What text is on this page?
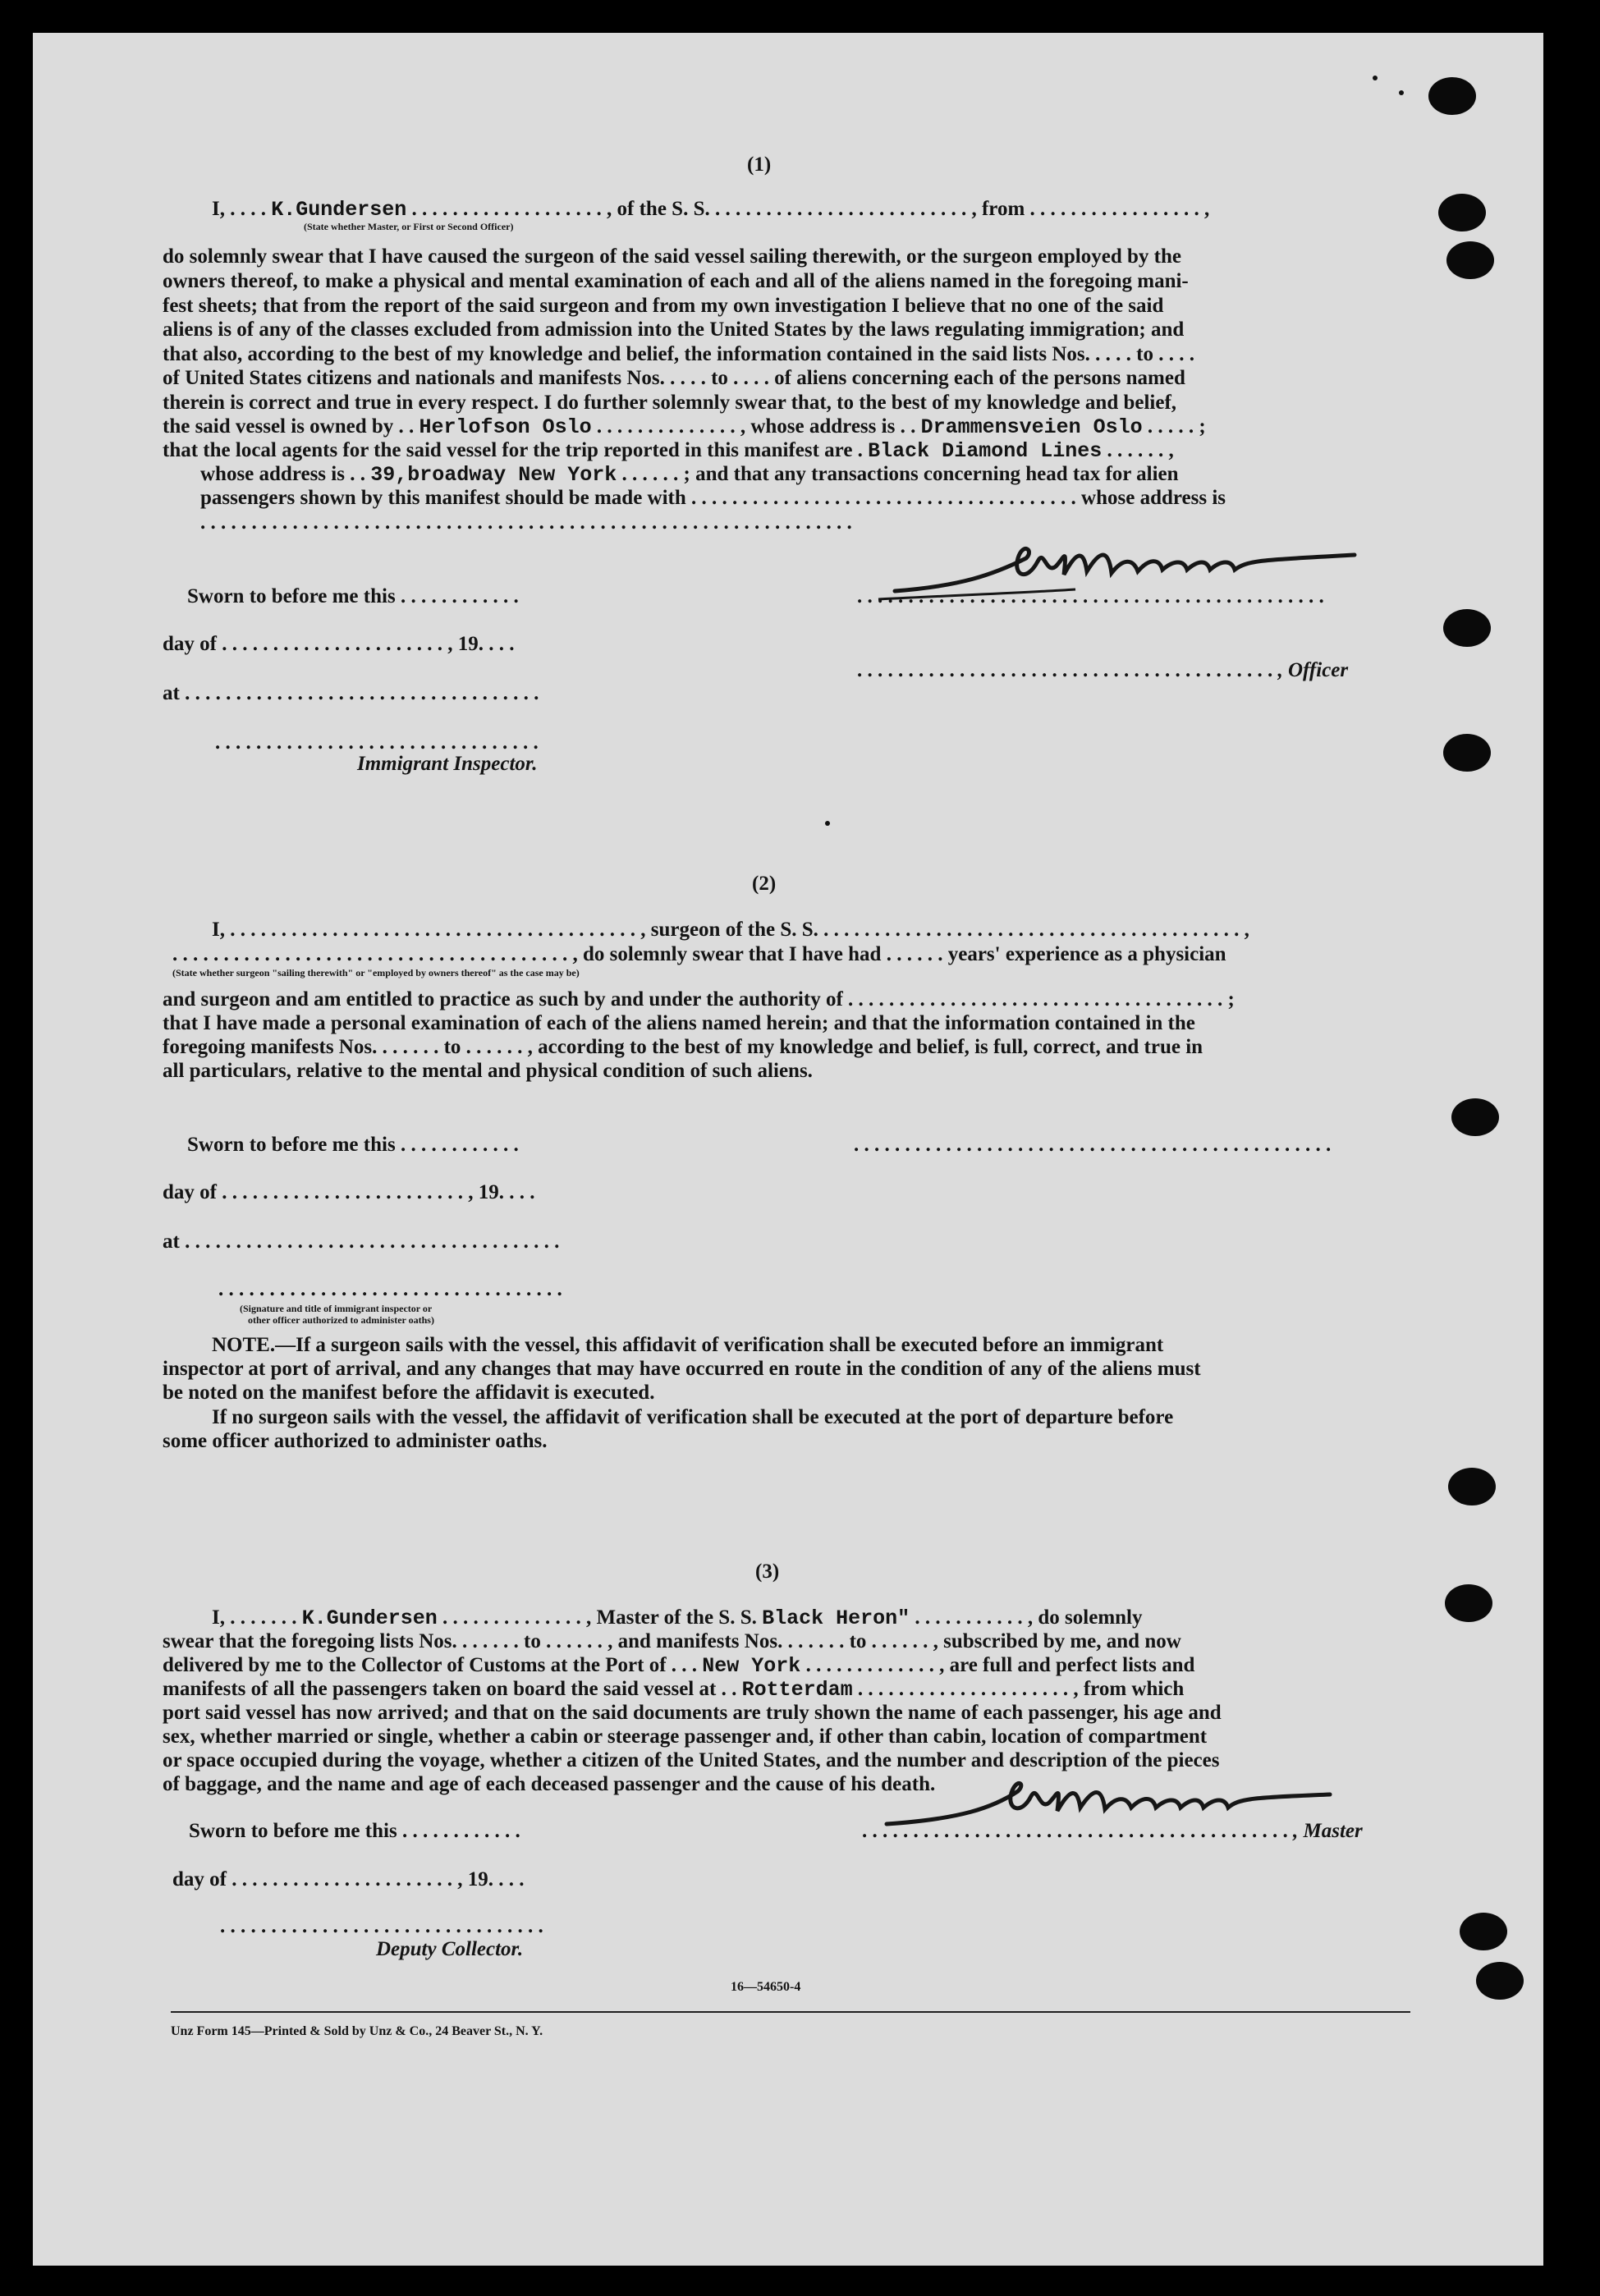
(1)
I, . . . . K.Gundersen . . . . . . . . . . . . . . . . . . . , of the S. S. . . . . . . . . . . . . . . . . . . . . . . . . . , from . . . . . . . . . . . . . . . . . ,
(State whether Master, or First or Second Officer)
do solemnly swear that I have caused the surgeon of the said vessel sailing therewith, or the surgeon employed by the
owners thereof, to make a physical and mental examination of each and all of the aliens named in the foregoing mani-
fest sheets; that from the report of the said surgeon and from my own investigation I believe that no one of the said
aliens is of any of the classes excluded from admission into the United States by the laws regulating immigration; and
that also, according to the best of my knowledge and belief, the information contained in the said lists Nos. . . . . to . . . .
of United States citizens and nationals and manifests Nos. . . . . to . . . . of aliens concerning each of the persons named
therein is correct and true in every respect. I do further solemnly swear that, to the best of my knowledge and belief,
the said vessel is owned by . . Herlofson Oslo . . . . . . . . . . . . . . , whose address is . . Drammensveien Oslo . . . . . ;
that the local agents for the said vessel for the trip reported in this manifest are . Black Diamond Lines . . . . . . ,
whose address is . . 39,broadway New York . . . . . . ; and that any transactions concerning head tax for alien
passengers shown by this manifest should be made with . . . . . . . . . . . . . . . . . . . . . . . . . . . . . . . . . . . . . . whose address is
. . . . . . . . . . . . . . . . . . . . . . . . . . . . . . . . . . . . . . . . . . . . . . . . . . . . . . . . . . . . . . . .
Sworn to before me this . . . . . . . . . . . .	. . . . . . . . . . . . . . . . . . . . . . . . . . . . . . . . . . . . . . . . . . . . . .
day of . . . . . . . . . . . . . . . . . . . . . . , 19. . . .
. . . . . . . . . . . . . . . . . . . . . . . . . . . . . . . . . . . . . . . . . , Officer
at . . . . . . . . . . . . . . . . . . . . . . . . . . . . . . . . . . .
. . . . . . . . . . . . . . . . . . . . . . . . . . . . . . . .
Immigrant Inspector.
(2)
I, . . . . . . . . . . . . . . . . . . . . . . . . . . . . . . . . . . . . . . . . , surgeon of the S. S. . . . . . . . . . . . . . . . . . . . . . . . . . . . . . . . . . . . . . . . . . ,
. . . . . . . . . . . . . . . . . . . . . . . . . . . . . . . . . . . . . . . , do solemnly swear that I have had . . . . . . years' experience as a physician
(State whether surgeon "sailing therewith" or "employed by owners thereof" as the case may be)
and surgeon and am entitled to practice as such by and under the authority of . . . . . . . . . . . . . . . . . . . . . . . . . . . . . . . . . . . . . ;
that I have made a personal examination of each of the aliens named herein; and that the information contained in the
foregoing manifests Nos. . . . . . . to . . . . . . , according to the best of my knowledge and belief, is full, correct, and true in
all particulars, relative to the mental and physical condition of such aliens.
Sworn to before me this . . . . . . . . . . . .	. . . . . . . . . . . . . . . . . . . . . . . . . . . . . . . . . . . . . . . . . . . . . . .
day of . . . . . . . . . . . . . . . . . . . . . . . . , 19. . . .
at . . . . . . . . . . . . . . . . . . . . . . . . . . . . . . . . . . . . .
. . . . . . . . . . . . . . . . . . . . . . . . . . . . . . . . . .
(Signature and title of immigrant inspector or
other officer authorized to administer oaths)
NOTE.—If a surgeon sails with the vessel, this affidavit of verification shall be executed before an immigrant
inspector at port of arrival, and any changes that may have occurred en route in the condition of any of the aliens must
be noted on the manifest before the affidavit is executed.
If no surgeon sails with the vessel, the affidavit of verification shall be executed at the port of departure before
some officer authorized to administer oaths.
(3)
I, . . . . . . . K.Gundersen . . . . . . . . . . . . . . , Master of the S. S. Black Heron" . . . . . . . . . . . , do solemnly
swear that the foregoing lists Nos. . . . . . . to . . . . . . , and manifests Nos. . . . . . . to . . . . . . , subscribed by me, and now
delivered by me to the Collector of Customs at the Port of . . . New York . . . . . . . . . . . . . , are full and perfect lists and
manifests of all the passengers taken on board the said vessel at . . Rotterdam . . . . . . . . . . . . . . . . . . . . . , from which
port said vessel has now arrived; and that on the said documents are truly shown the name of each passenger, his age and
sex, whether married or single, whether a cabin or steerage passenger and, if other than cabin, location of compartment
or space occupied during the voyage, whether a citizen of the United States, and the number and description of the pieces
of baggage, and the name and age of each deceased passenger and the cause of his death.
Sworn to before me this . . . . . . . . . . . .	. . . . . . . . . . . . . . . . . . . . . . . . . . . . . . . . . . . . . . . . . . , Master
day of . . . . . . . . . . . . . . . . . . . . . . , 19. . . .
. . . . . . . . . . . . . . . . . . . . . . . . . . . . . . . .
Deputy Collector.
16—54650-4
Unz Form 145—Printed & Sold by Unz & Co., 24 Beaver St., N. Y.
